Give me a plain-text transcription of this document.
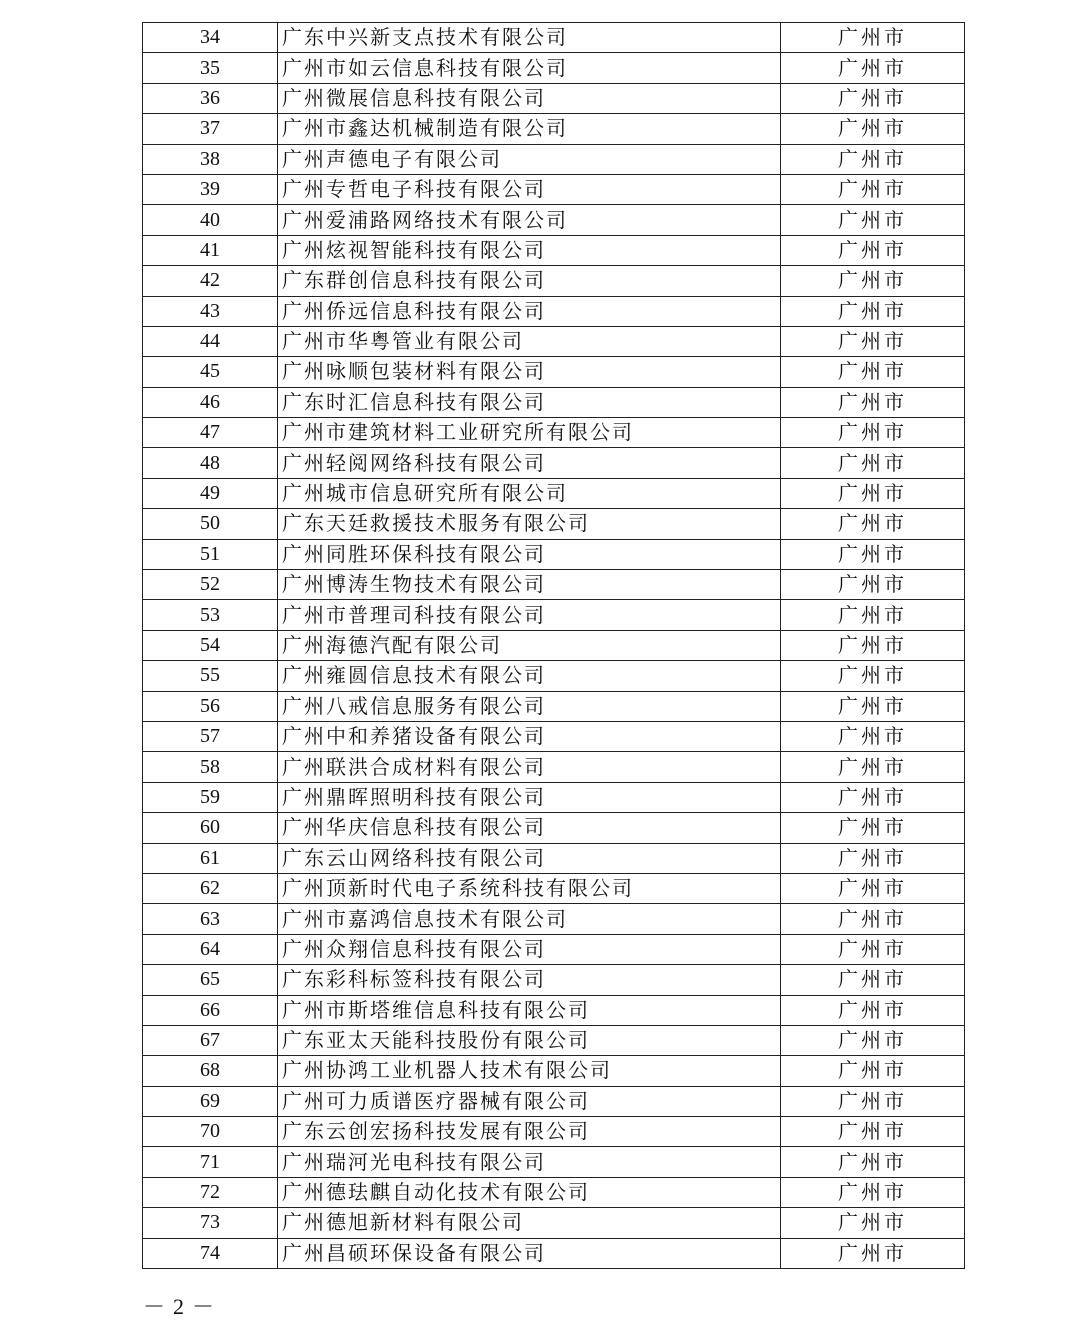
34	广东中兴新支点技术有限公司	广州市
35	广州市如云信息科技有限公司	广州市
36	广州微展信息科技有限公司	广州市
37	广州市鑫达机械制造有限公司	广州市
38	广州声德电子有限公司	广州市
39	广州专哲电子科技有限公司	广州市
40	广州爱浦路网络技术有限公司	广州市
41	广州炫视智能科技有限公司	广州市
42	广东群创信息科技有限公司	广州市
43	广州侨远信息科技有限公司	广州市
44	广州市华粤管业有限公司	广州市
45	广州咏顺包装材料有限公司	广州市
46	广东时汇信息科技有限公司	广州市
47	广州市建筑材料工业研究所有限公司	广州市
48	广州轻阅网络科技有限公司	广州市
49	广州城市信息研究所有限公司	广州市
50	广东天廷救援技术服务有限公司	广州市
51	广州同胜环保科技有限公司	广州市
52	广州博涛生物技术有限公司	广州市
53	广州市普理司科技有限公司	广州市
54	广州海德汽配有限公司	广州市
55	广州雍圆信息技术有限公司	广州市
56	广州八戒信息服务有限公司	广州市
57	广州中和养猪设备有限公司	广州市
58	广州联洪合成材料有限公司	广州市
59	广州鼎晖照明科技有限公司	广州市
60	广州华庆信息科技有限公司	广州市
61	广东云山网络科技有限公司	广州市
62	广州顶新时代电子系统科技有限公司	广州市
63	广州市嘉鸿信息技术有限公司	广州市
64	广州众翔信息科技有限公司	广州市
65	广东彩科标签科技有限公司	广州市
66	广州市斯塔维信息科技有限公司	广州市
67	广东亚太天能科技股份有限公司	广州市
68	广州协鸿工业机器人技术有限公司	广州市
69	广州可力质谱医疗器械有限公司	广州市
70	广东云创宏扬科技发展有限公司	广州市
71	广州瑞河光电科技有限公司	广州市
72	广州德珐麒自动化技术有限公司	广州市
73	广州德旭新材料有限公司	广州市
74	广州昌硕环保设备有限公司	广州市
－2－
